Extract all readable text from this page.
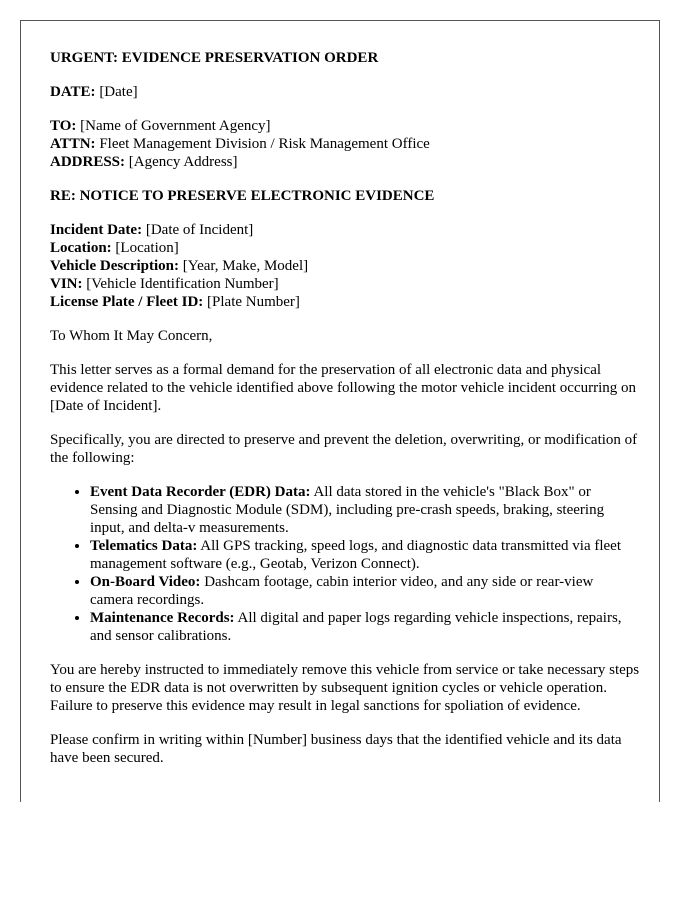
URGENT: EVIDENCE PRESERVATION ORDER

DATE: [Date]

TO: [Name of Government Agency]
ATTN: Fleet Management Division / Risk Management Office
ADDRESS: [Agency Address]

RE: NOTICE TO PRESERVE ELECTRONIC EVIDENCE

Incident Date: [Date of Incident]
Location: [Location]
Vehicle Description: [Year, Make, Model]
VIN: [Vehicle Identification Number]
License Plate / Fleet ID: [Plate Number]

To Whom It May Concern,

This letter serves as a formal demand for the preservation of all electronic data and physical evidence related to the vehicle identified above following the motor vehicle incident occurring on [Date of Incident].

Specifically, you are directed to preserve and prevent the deletion, overwriting, or modification of the following:

• Event Data Recorder (EDR) Data: All data stored in the vehicle's "Black Box" or Sensing and Diagnostic Module (SDM), including pre-crash speeds, braking, steering input, and delta-v measurements.
• Telematics Data: All GPS tracking, speed logs, and diagnostic data transmitted via fleet management software (e.g., Geotab, Verizon Connect).
• On-Board Video: Dashcam footage, cabin interior video, and any side or rear-view camera recordings.
• Maintenance Records: All digital and paper logs regarding vehicle inspections, repairs, and sensor calibrations.

You are hereby instructed to immediately remove this vehicle from service or take necessary steps to ensure the EDR data is not overwritten by subsequent ignition cycles or vehicle operation. Failure to preserve this evidence may result in legal sanctions for spoliation of evidence.

Please confirm in writing within [Number] business days that the identified vehicle and its data have been secured.
